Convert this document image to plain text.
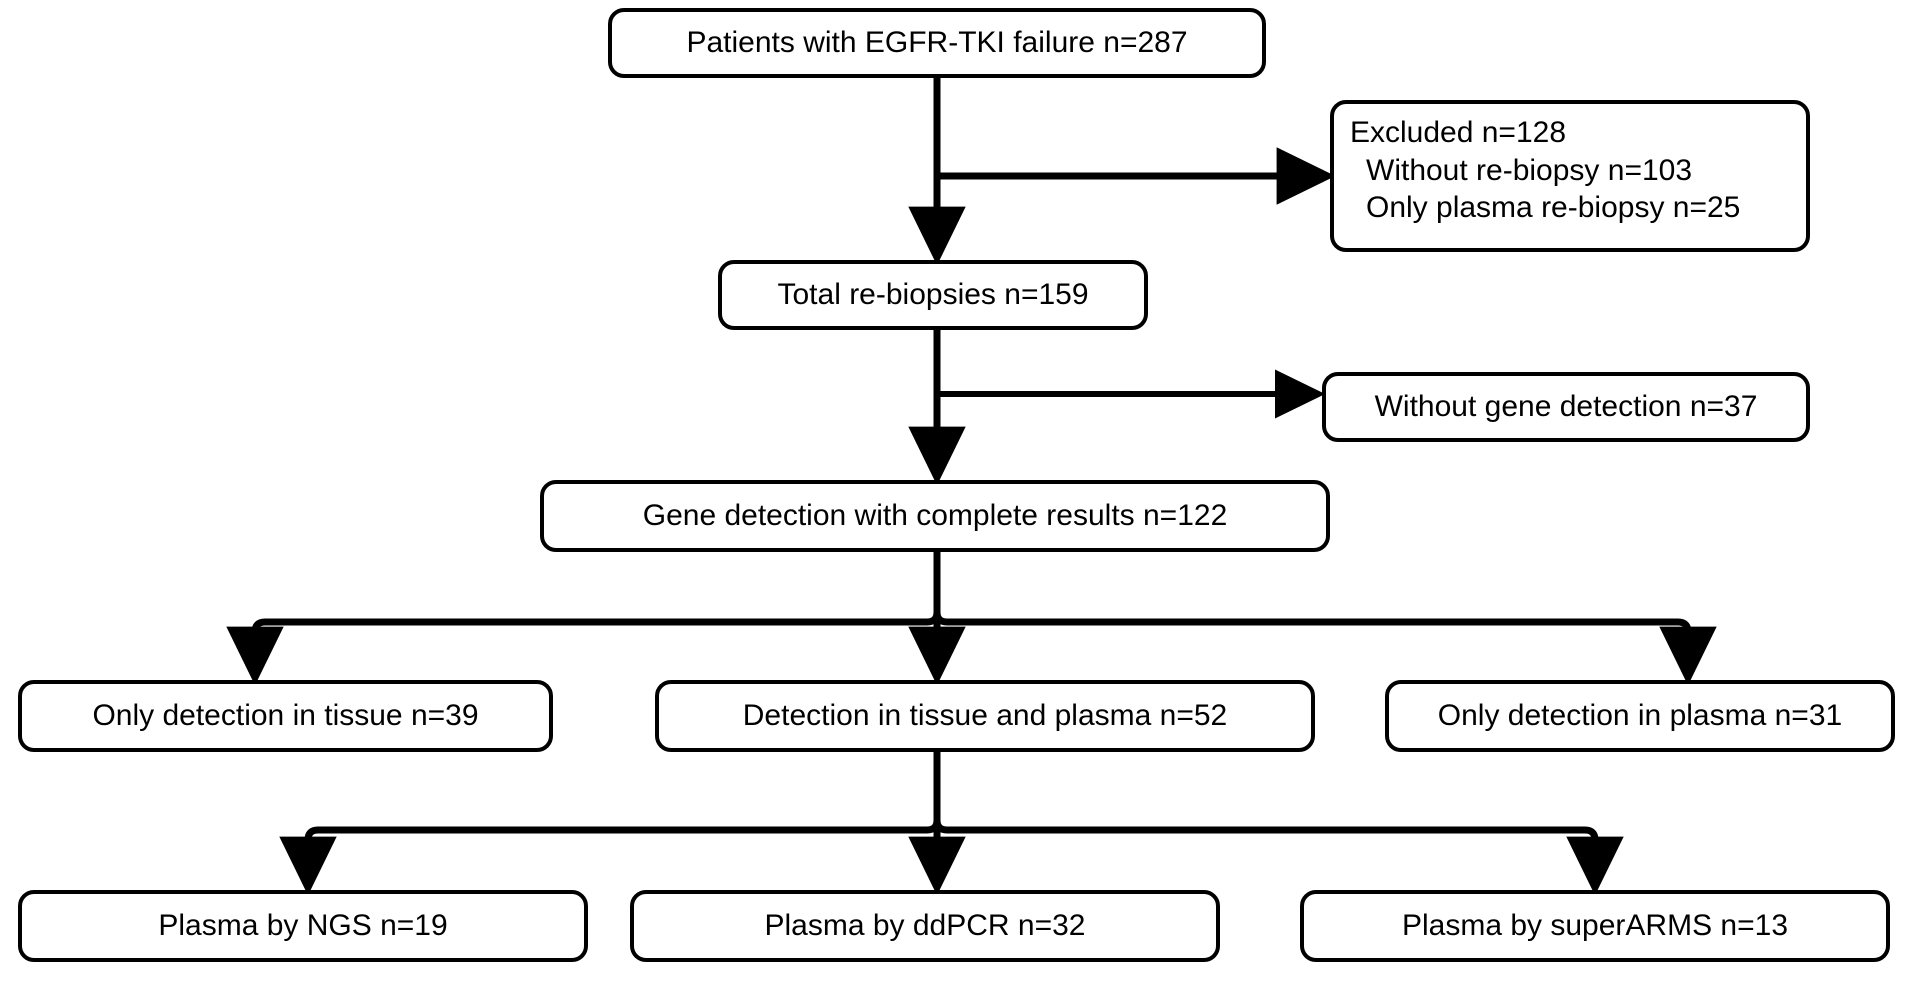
Patients with EGFR-TKI failure n=287
Excluded n=128
Without re-biopsy n=103
Only plasma re-biopsy n=25
Total re-biopsies n=159
Without gene detection n=37
Gene detection with complete results n=122
Only detection in tissue n=39	Detection in tissue and plasma n=52	Only detection in plasma n=31
Plasma by NGS n=19	Plasma by ddPCR n=32	Plasma by superARMS n=13
